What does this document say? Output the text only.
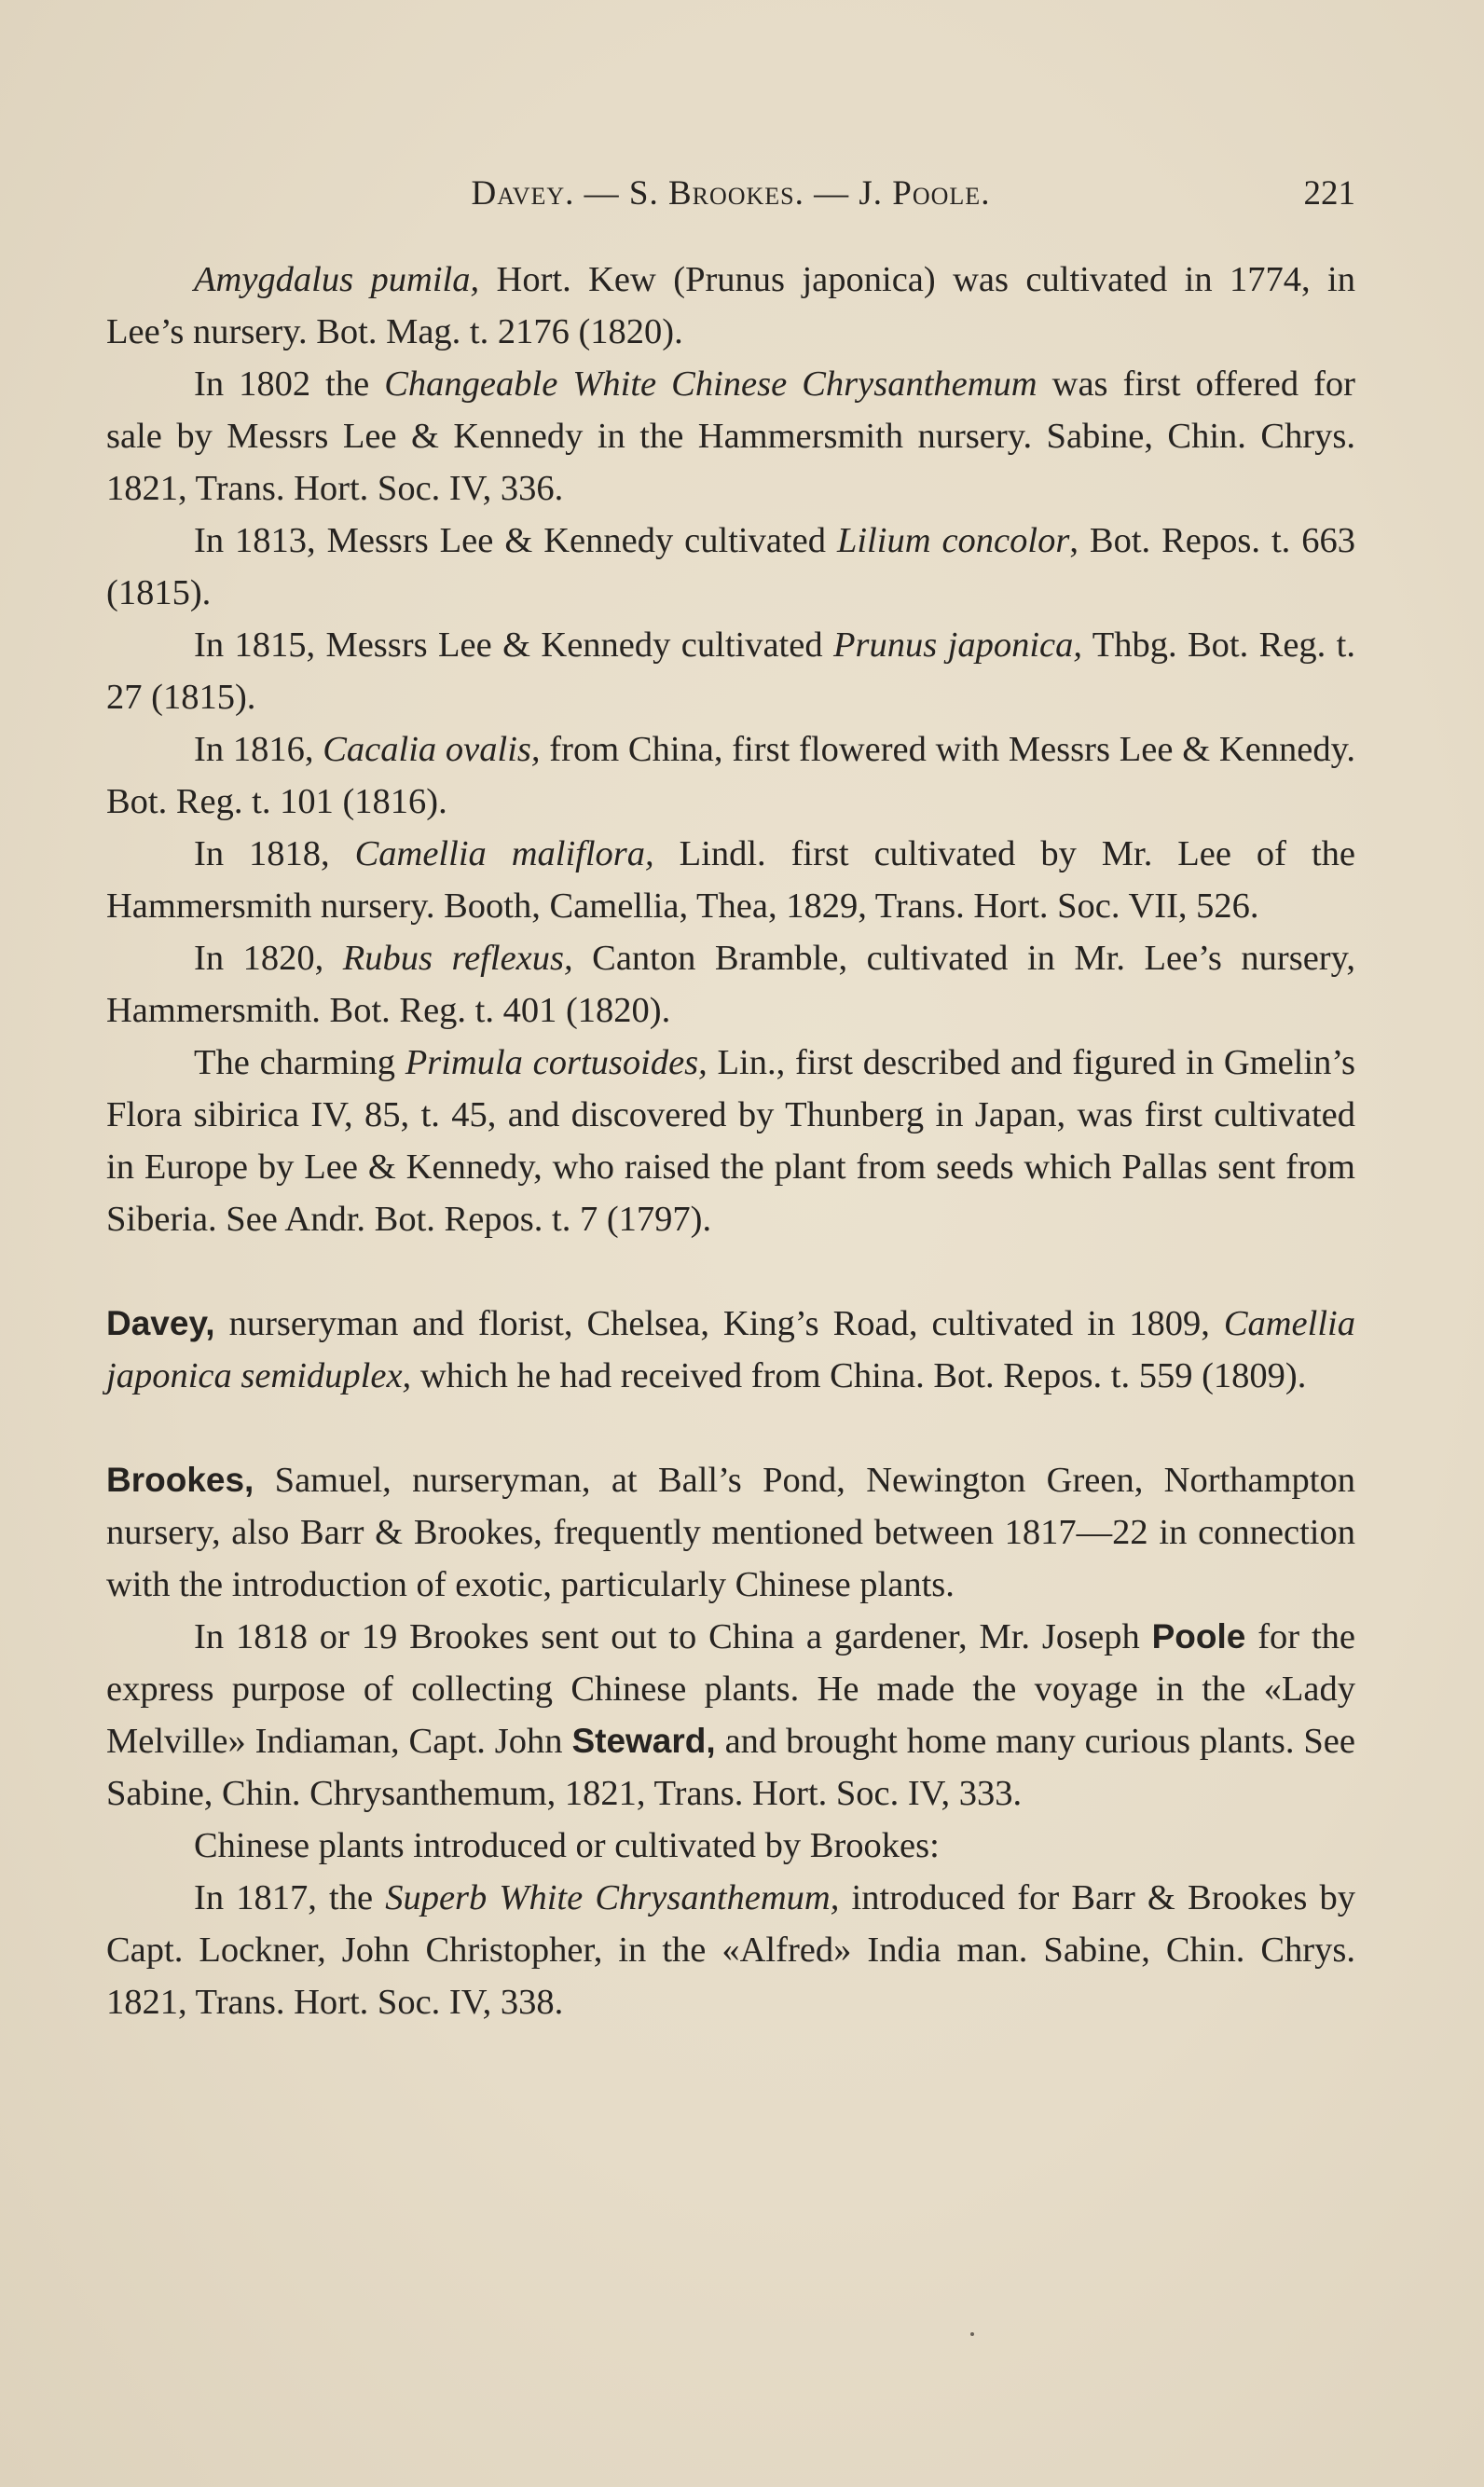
Davey. — S. Brookes. — J. Poole.	221

Amygdalus pumila, Hort. Kew (Prunus japonica) was cultivated in 1774, in Lee’s nursery. Bot. Mag. t. 2176 (1820).

In 1802 the Changeable White Chinese Chrysanthemum was first offered for sale by Messrs Lee & Kennedy in the Hammersmith nursery. Sabine, Chin. Chrys. 1821, Trans. Hort. Soc. IV, 336.

In 1813, Messrs Lee & Kennedy cultivated Lilium concolor, Bot. Repos. t. 663 (1815).

In 1815, Messrs Lee & Kennedy cultivated Prunus japonica, Thbg. Bot. Reg. t. 27 (1815).

In 1816, Cacalia ovalis, from China, first flowered with Messrs Lee & Kennedy. Bot. Reg. t. 101 (1816).

In 1818, Camellia maliflora, Lindl. first cultivated by Mr. Lee of the Hammersmith nursery. Booth, Camellia, Thea, 1829, Trans. Hort. Soc. VII, 526.

In 1820, Rubus reflexus, Canton Bramble, cultivated in Mr. Lee’s nursery, Hammersmith. Bot. Reg. t. 401 (1820).

The charming Primula cortusoides, Lin., first described and figured in Gmelin’s Flora sibirica IV, 85, t. 45, and discovered by Thunberg in Japan, was first cultivated in Europe by Lee & Kennedy, who raised the plant from seeds which Pallas sent from Siberia. See Andr. Bot. Repos. t. 7 (1797).

Davey, nurseryman and florist, Chelsea, King’s Road, cultivated in 1809, Camellia japonica semiduplex, which he had received from China. Bot. Repos. t. 559 (1809).

Brookes, Samuel, nurseryman, at Ball’s Pond, Newington Green, Northampton nursery, also Barr & Brookes, frequently mentioned between 1817—22 in connection with the introduction of exotic, particularly Chinese plants.

In 1818 or 19 Brookes sent out to China a gardener, Mr. Joseph Poole for the express purpose of collecting Chinese plants. He made the voyage in the «Lady Melville» Indiaman, Capt. John Steward, and brought home many curious plants. See Sabine, Chin. Chrysanthemum, 1821, Trans. Hort. Soc. IV, 333.

Chinese plants introduced or cultivated by Brookes:

In 1817, the Superb White Chrysanthemum, introduced for Barr & Brookes by Capt. Lockner, John Christopher, in the «Alfred» India man. Sabine, Chin. Chrys. 1821, Trans. Hort. Soc. IV, 338.
